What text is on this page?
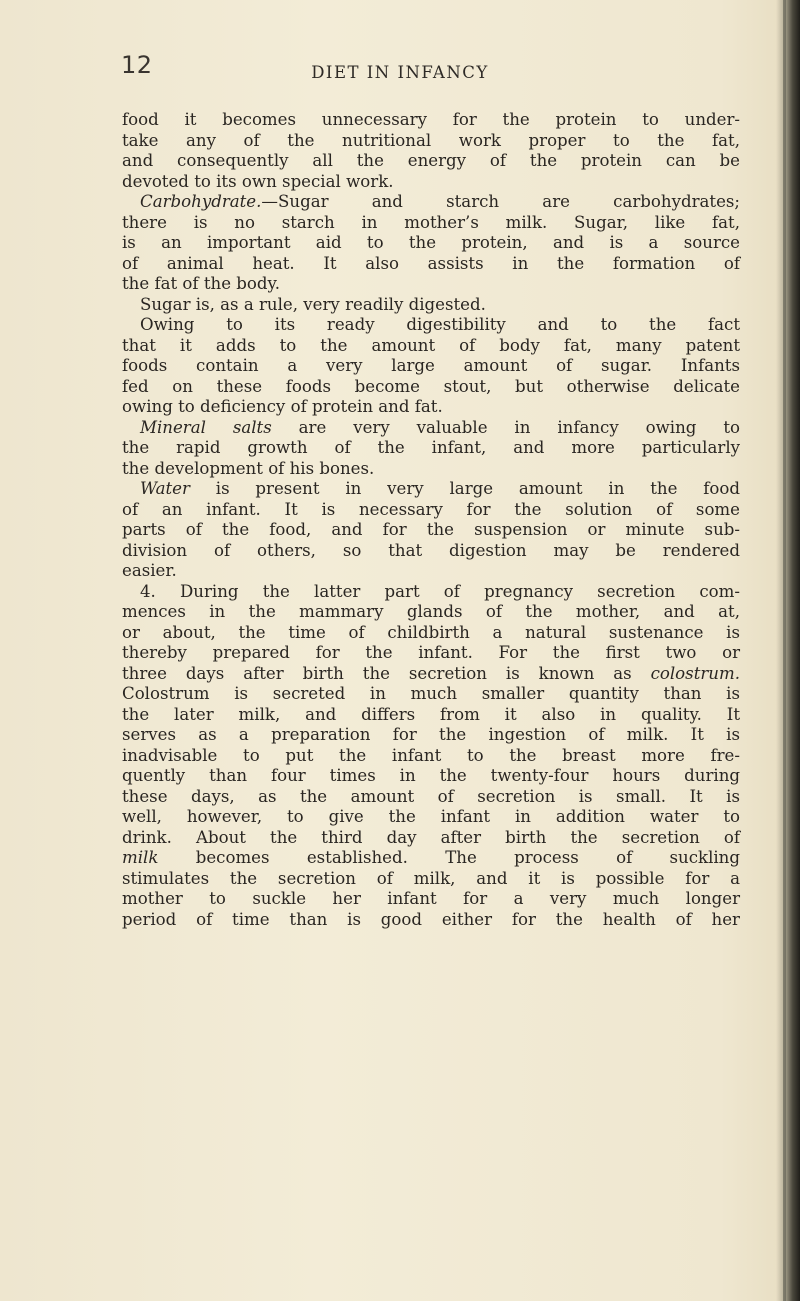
12	DIET IN INFANCY
food it becomes unnecessary for the protein to under-
take any of the nutritional work proper to the fat,
and consequently all the energy of the protein can be
devoted to its own special work.
Carbohydrate.—Sugar and starch are carbohydrates;
there is no starch in mother’s milk. Sugar, like fat,
is an important aid to the protein, and is a source
of animal heat. It also assists in the formation of
the fat of the body.
Sugar is, as a rule, very readily digested.
Owing to its ready digestibility and to the fact
that it adds to the amount of body fat, many patent
foods contain a very large amount of sugar. Infants
fed on these foods become stout, but otherwise delicate
owing to deficiency of protein and fat.
Mineral salts are very valuable in infancy owing to
the rapid growth of the infant, and more particularly
the development of his bones.
Water is present in very large amount in the food
of an infant. It is necessary for the solution of some
parts of the food, and for the suspension or minute sub-
division of others, so that digestion may be rendered
easier.
4. During the latter part of pregnancy secretion com-
mences in the mammary glands of the mother, and at,
or about, the time of childbirth a natural sustenance is
thereby prepared for the infant. For the first two or
three days after birth the secretion is known as colostrum.
Colostrum is secreted in much smaller quantity than is
the later milk, and differs from it also in quality. It
serves as a preparation for the ingestion of milk. It is
inadvisable to put the infant to the breast more fre-
quently than four times in the twenty-four hours during
these days, as the amount of secretion is small. It is
well, however, to give the infant in addition water to
drink. About the third day after birth the secretion of
milk becomes established. The process of suckling
stimulates the secretion of milk, and it is possible for a
mother to suckle her infant for a very much longer
period of time than is good either for the health of her
